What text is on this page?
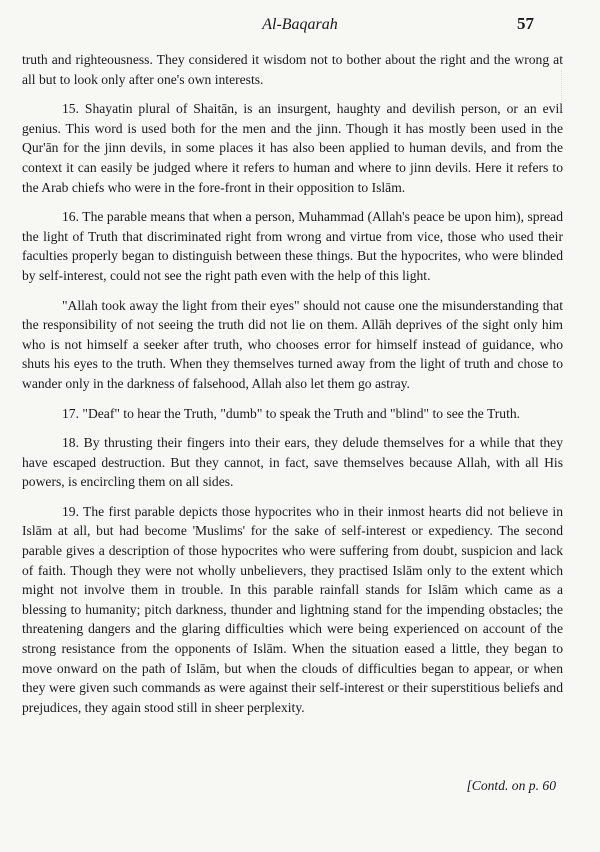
Al-Baqarah	57

truth and righteousness. They considered it wisdom not to bother about the right and the wrong at all but to look only after one's own interests.

15. Shayatin plural of Shaitān, is an insurgent, haughty and devilish person, or an evil genius. This word is used both for the men and the jinn. Though it has mostly been used in the Qur'ān for the jinn devils, in some places it has also been applied to human devils, and from the context it can easily be judged where it refers to human and where to jinn devils. Here it refers to the Arab chiefs who were in the fore-front in their opposition to Islām.

16. The parable means that when a person, Muhammad (Allah's peace be upon him), spread the light of Truth that discriminated right from wrong and virtue from vice, those who used their faculties properly began to distinguish between these things. But the hypocrites, who were blinded by self-interest, could not see the right path even with the help of this light.

"Allah took away the light from their eyes" should not cause one the misunderstanding that the responsibility of not seeing the truth did not lie on them. Allāh deprives of the sight only him who is not himself a seeker after truth, who chooses error for himself instead of guidance, who shuts his eyes to the truth. When they themselves turned away from the light of truth and chose to wander only in the darkness of falsehood, Allah also let them go astray.

17. "Deaf" to hear the Truth, "dumb" to speak the Truth and "blind" to see the Truth.

18. By thrusting their fingers into their ears, they delude themselves for a while that they have escaped destruction. But they cannot, in fact, save themselves because Allah, with all His powers, is encircling them on all sides.

19. The first parable depicts those hypocrites who in their inmost hearts did not believe in Islām at all, but had become 'Muslims' for the sake of self-interest or expediency. The second parable gives a description of those hypocrites who were suffering from doubt, suspicion and lack of faith. Though they were not wholly unbelievers, they practised Islām only to the extent which might not involve them in trouble. In this parable rainfall stands for Islām which came as a blessing to humanity; pitch darkness, thunder and lightning stand for the impending obstacles; the threatening dangers and the glaring difficulties which were being experienced on account of the strong resistance from the opponents of Islām. When the situation eased a little, they began to move onward on the path of Islām, but when the clouds of difficulties began to appear, or when they were given such commands as were against their self-interest or their superstitious beliefs and prejudices, they again stood still in sheer perplexity.

[Contd. on p. 60
